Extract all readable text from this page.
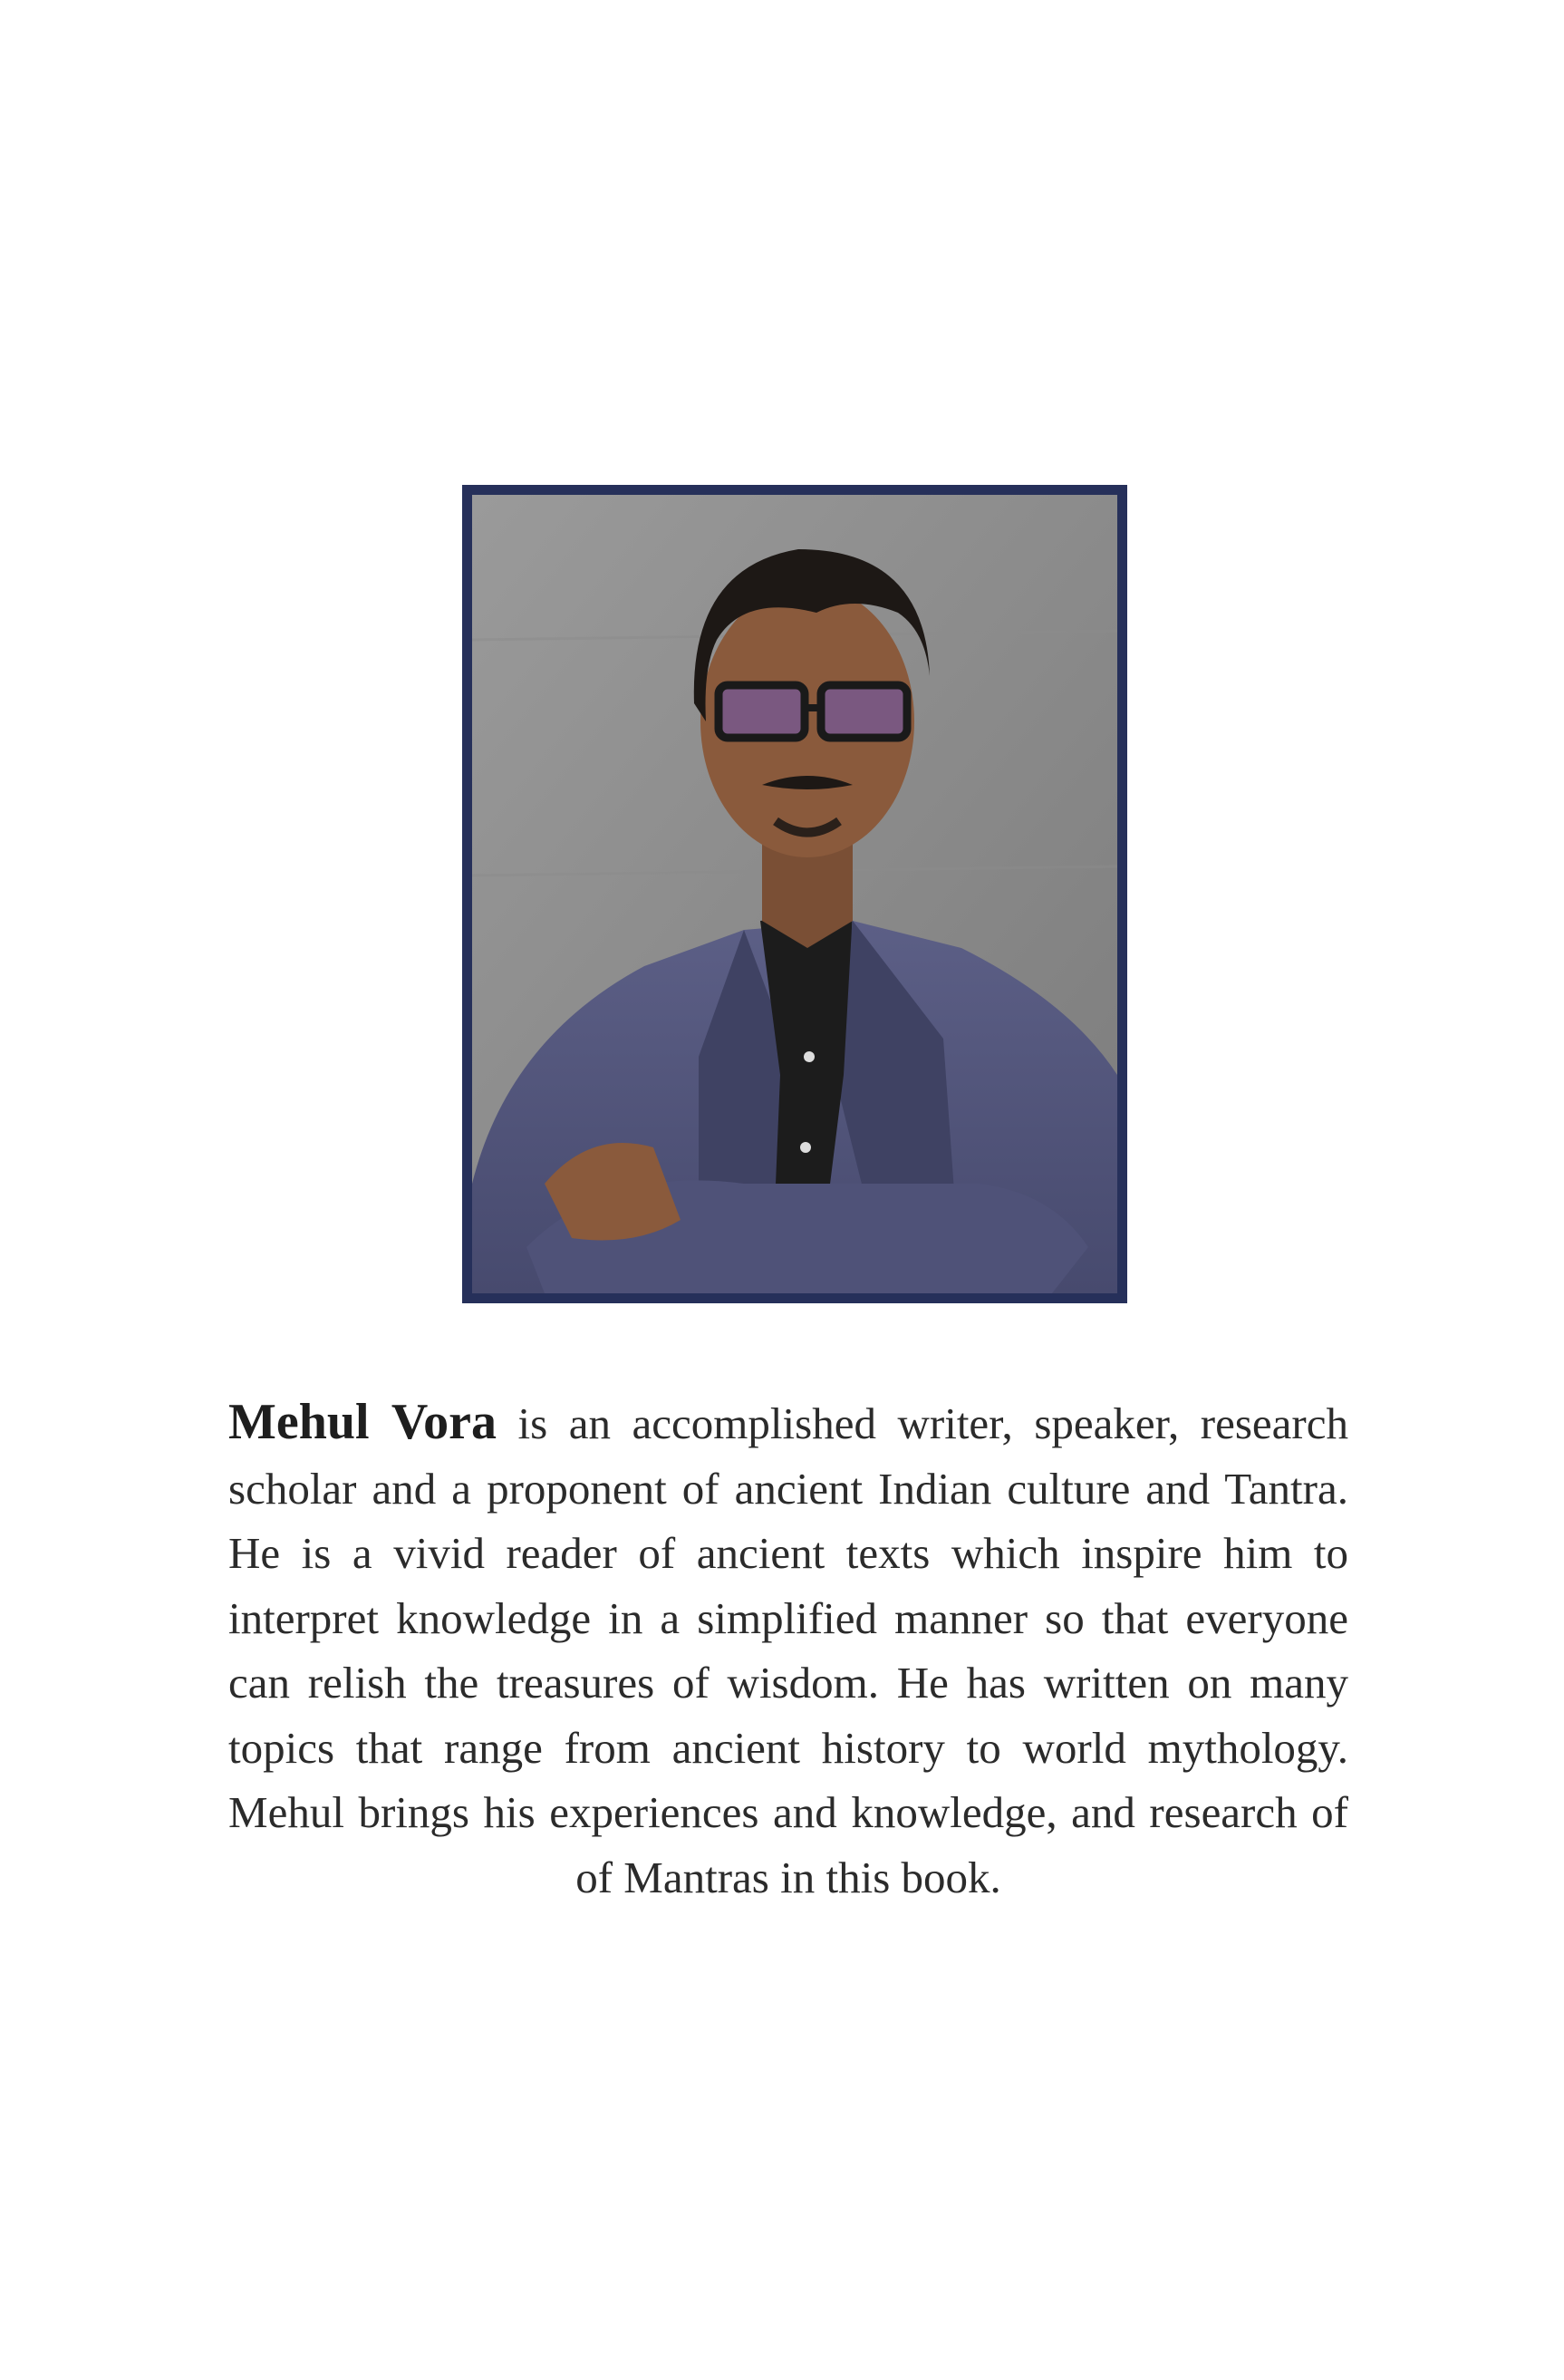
Mehul Vora is an accomplished writer, speaker, research scholar and a proponent of ancient Indian culture and Tantra. He is a vivid reader of ancient texts which inspire him to interpret knowledge in a simplified manner so that everyone can relish the treasures of wisdom. He has written on many topics that range from ancient history to world mythology. Mehul brings his experiences and knowledge, and research of of Mantras in this book.
